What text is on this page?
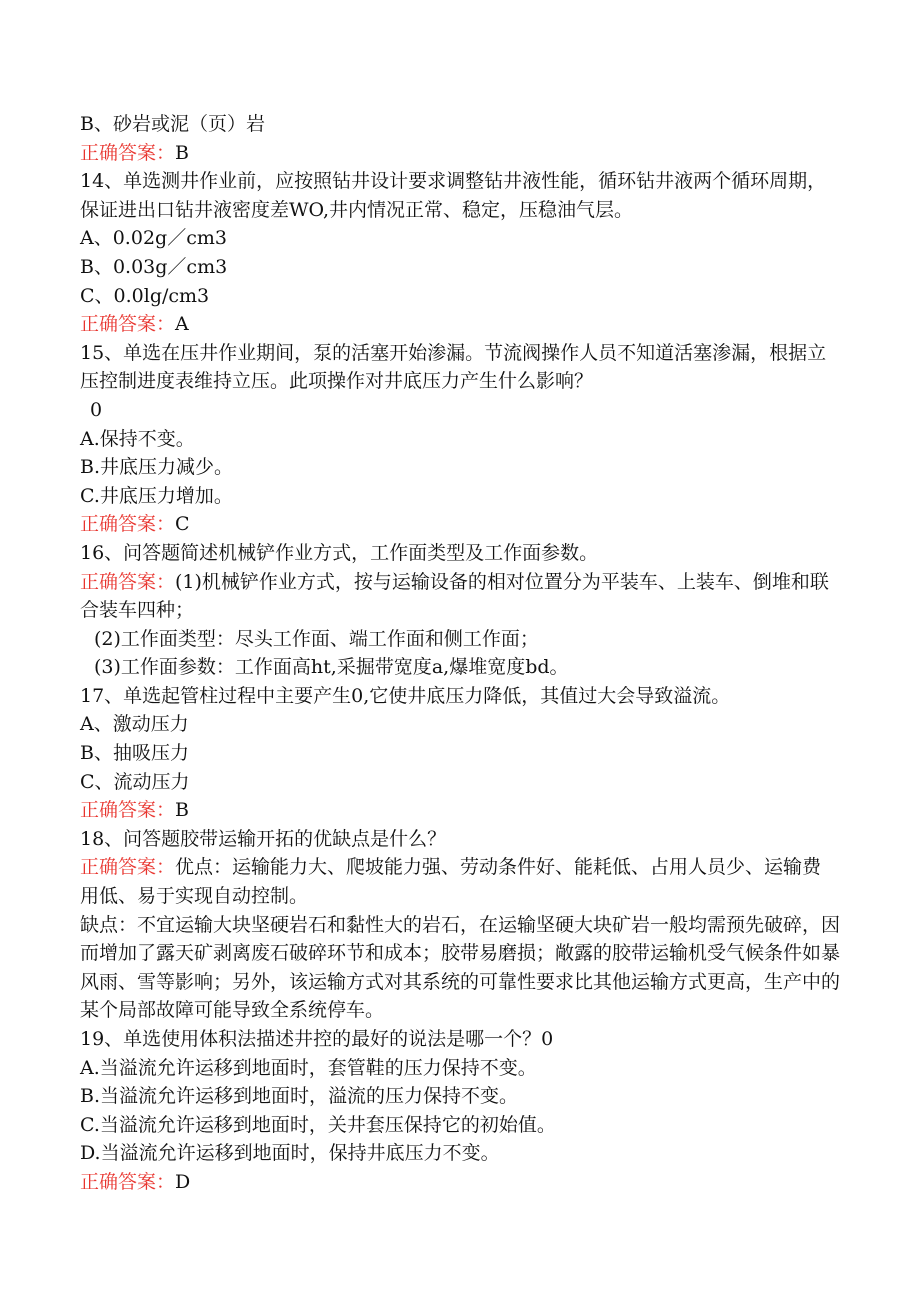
B、砂岩或泥（页）岩

正确答案：B

14、单选测井作业前，应按照钻井设计要求调整钻井液性能，循环钻井液两个循环周期，保证进出口钻井液密度差WO,井内情况正常、稳定，压稳油气层。

A、0.02g／cm3

B、0.03g／cm3

C、0.0lg/cm3

正确答案：A

15、单选在压井作业期间，泵的活塞开始渗漏。节流阀操作人员不知道活塞渗漏，根据立压控制进度表维持立压。此项操作对井底压力产生什么影响？

0

A.保持不变。

B.井底压力减少。

C.井底压力增加。

正确答案：C

16、问答题简述机械铲作业方式，工作面类型及工作面参数。

正确答案：(1)机械铲作业方式，按与运输设备的相对位置分为平装车、上装车、倒堆和联合装车四种；

(2)工作面类型：尽头工作面、端工作面和侧工作面；

(3)工作面参数：工作面高ht,采掘带宽度a,爆堆宽度bd。

17、单选起管柱过程中主要产生0,它使井底压力降低，其值过大会导致溢流。

A、激动压力

B、抽吸压力

C、流动压力

正确答案：B

18、问答题胶带运输开拓的优缺点是什么？

正确答案：优点：运输能力大、爬坡能力强、劳动条件好、能耗低、占用人员少、运输费用低、易于实现自动控制。

缺点：不宜运输大块坚硬岩石和黏性大的岩石，在运输坚硬大块矿岩一般均需预先破碎，因而增加了露天矿剥离废石破碎环节和成本；胶带易磨损；敞露的胶带运输机受气候条件如暴风雨、雪等影响；另外，该运输方式对其系统的可靠性要求比其他运输方式更高，生产中的某个局部故障可能导致全系统停车。

19、单选使用体积法描述井控的最好的说法是哪一个？0

A.当溢流允许运移到地面时，套管鞋的压力保持不变。

B.当溢流允许运移到地面时，溢流的压力保持不变。

C.当溢流允许运移到地面时，关井套压保持它的初始值。

D.当溢流允许运移到地面时，保持井底压力不变。

正确答案：D
